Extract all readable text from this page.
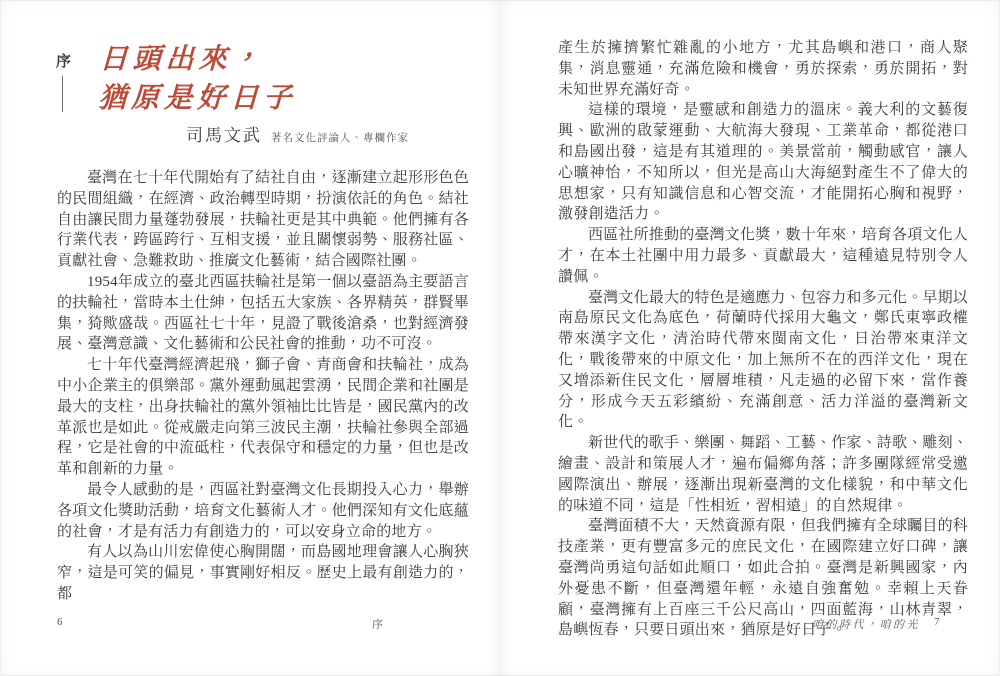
序 日頭出來，
猶原是好日子
司馬文武 著名文化評論人、專欄作家

臺灣在七十年代開始有了結社自由，逐漸建立起形形色色的民間組織，在經濟、政治轉型時期，扮演依託的角色。結社自由讓民間力量蓬勃發展，扶輪社更是其中典範。他們擁有各行業代表，跨區跨行、互相支援，並且關懷弱勢、服務社區、貢獻社會、急難救助、推廣文化藝術，結合國際社團。

1954年成立的臺北西區扶輪社是第一個以臺語為主要語言的扶輪社，當時本土仕紳，包括五大家族、各界精英，群賢畢集，猗歟盛哉。西區社七十年，見證了戰後滄桑，也對經濟發展、臺灣意識、文化藝術和公民社會的推動，功不可沒。

七十年代臺灣經濟起飛，獅子會、青商會和扶輪社，成為中小企業主的俱樂部。黨外運動風起雲湧，民間企業和社團是最大的支柱，出身扶輪社的黨外領袖比比皆是，國民黨內的改革派也是如此。從戒嚴走向第三波民主潮，扶輪社參與全部過程，它是社會的中流砥柱，代表保守和穩定的力量，但也是改革和創新的力量。

最令人感動的是，西區社對臺灣文化長期投入心力，舉辦各項文化獎助活動，培育文化藝術人才。他們深知有文化底蘊的社會，才是有活力有創造力的，可以安身立命的地方。

有人以為山川宏偉使心胸開闊，而島國地理會讓人心胸狹窄，這是可笑的偏見，事實剛好相反。歷史上最有創造力的，都

6	序

產生於擁擠繁忙雜亂的小地方，尤其島嶼和港口，商人聚集，消息靈通，充滿危險和機會，勇於探索，勇於開拓，對未知世界充滿好奇。

這樣的環境，是靈感和創造力的溫床。義大利的文藝復興、歐洲的啟蒙運動、大航海大發現、工業革命，都從港口和島國出發，這是有其道理的。美景當前，觸動感官，讓人心曠神怡，不知所以，但光是高山大海絕對產生不了偉大的思想家，只有知識信息和心智交流，才能開拓心胸和視野，激發創造活力。

西區社所推動的臺灣文化獎，數十年來，培育各項文化人才，在本土社團中用力最多、貢獻最大，這種遠見特別令人讚佩。

臺灣文化最大的特色是適應力、包容力和多元化。早期以南島原民文化為底色，荷蘭時代採用大龜文，鄭氏東寧政權帶來漢字文化，清治時代帶來閩南文化，日治帶來東洋文化，戰後帶來的中原文化，加上無所不在的西洋文化，現在又增添新住民文化，層層堆積，凡走過的必留下來，當作養分，形成今天五彩繽紛、充滿創意、活力洋溢的臺灣新文化。

新世代的歌手、樂團、舞蹈、工藝、作家、詩歌、雕刻、繪畫、設計和策展人才，遍布偏鄉角落；許多團隊經常受邀國際演出、辦展，逐漸出現新臺灣的文化樣貌，和中華文化的味道不同，這是「性相近，習相遠」的自然規律。

臺灣面積不大，天然資源有限，但我們擁有全球矚目的科技產業，更有豐富多元的庶民文化，在國際建立好口碑，讓臺灣尚勇這句話如此順口，如此合拍。臺灣是新興國家，內外憂患不斷，但臺灣還年輕，永遠自強奮勉。幸賴上天眷顧，臺灣擁有上百座三千公尺高山，四面藍海，山林青翠，島嶼恆春，只要日頭出來，猶原是好日子。

咱的時代，咱的光 7
